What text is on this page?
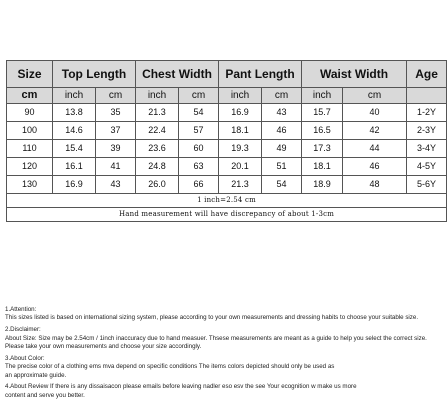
Size	Top Length		Chest Width		Pant Length		Waist Width		Age
cm	inch	cm	inch	cm	inch	cm	inch	cm	
90	13.8	35	21.3	54	16.9	43	15.7	40	1-2Y
100	14.6	37	22.4	57	18.1	46	16.5	42	2-3Y
110	15.4	39	23.6	60	19.3	49	17.3	44	3-4Y
120	16.1	41	24.8	63	20.1	51	18.1	46	4-5Y
130	16.9	43	26.0	66	21.3	54	18.9	48	5-6Y
1 inch=2.54 cm									
Hand measurement will have discrepancy of about 1-3cm									
1.Attention:
This sizes listed is based on international sizing system, please according to your own measurements and dressing habits to choose your suitable size.
2.Disclaimer:
About Size: Size may be 2.54cm / 1inch inaccuracy due to hand measuer. Thsese measurements are meant as a guide to help you select the correct size.
Please take your own measurements and choose your size accordingly.
3.About Color:
The precise color of a clothing ems mva depend on specific conditions The items colors depicted should only be used as
an approximate guide.
4.About Review If there is any dissaisacon please emails before leaving nadler eso esv the see Your ecognition w make us more
content and serve you better.
